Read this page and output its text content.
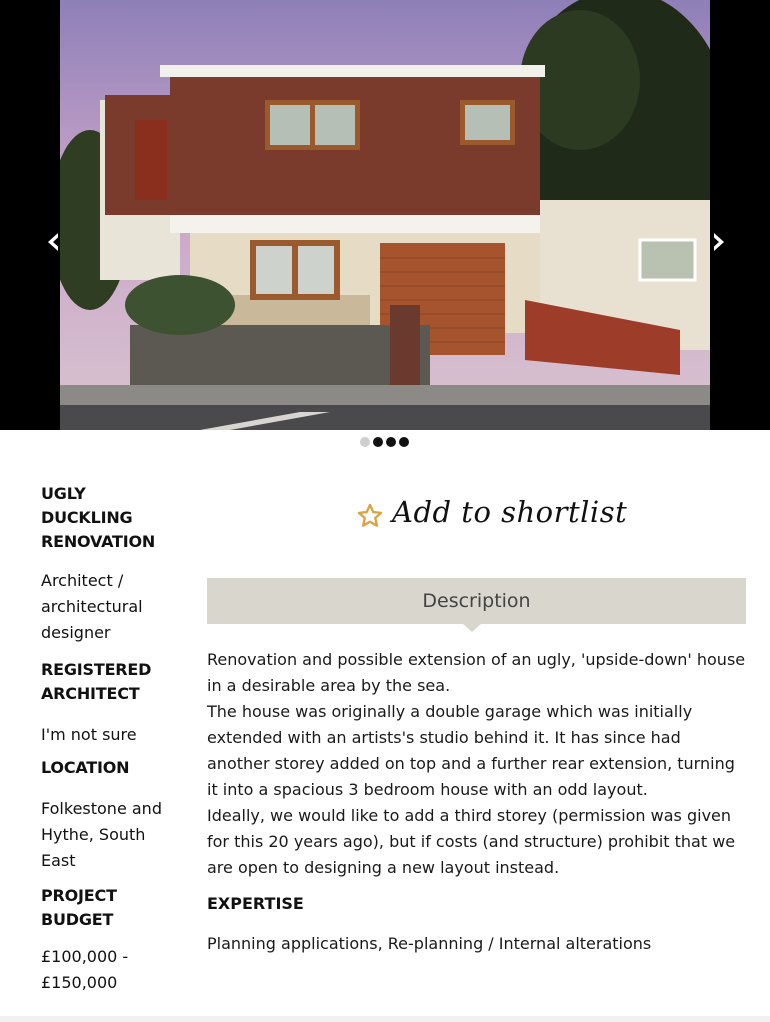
UGLY DUCKLING RENOVATION
Architect / architectural designer
REGISTERED ARCHITECT
I'm not sure
LOCATION
Folkestone and Hythe, South East
PROJECT BUDGET
£100,000 - £150,000
Add to shortlist
Description

Renovation and possible extension of an ugly, 'upside-down' house in a desirable area by the sea.

The house was originally a double garage which was initially extended with an artists's studio behind it. It has since had another storey added on top and a further rear extension, turning it into a spacious 3 bedroom house with an odd layout.

Ideally, we would like to add a third storey (permission was given for this 20 years ago), but if costs (and structure) prohibit that we are open to designing a new layout instead.

EXPERTISE

Planning applications, Re-planning / Internal alterations
